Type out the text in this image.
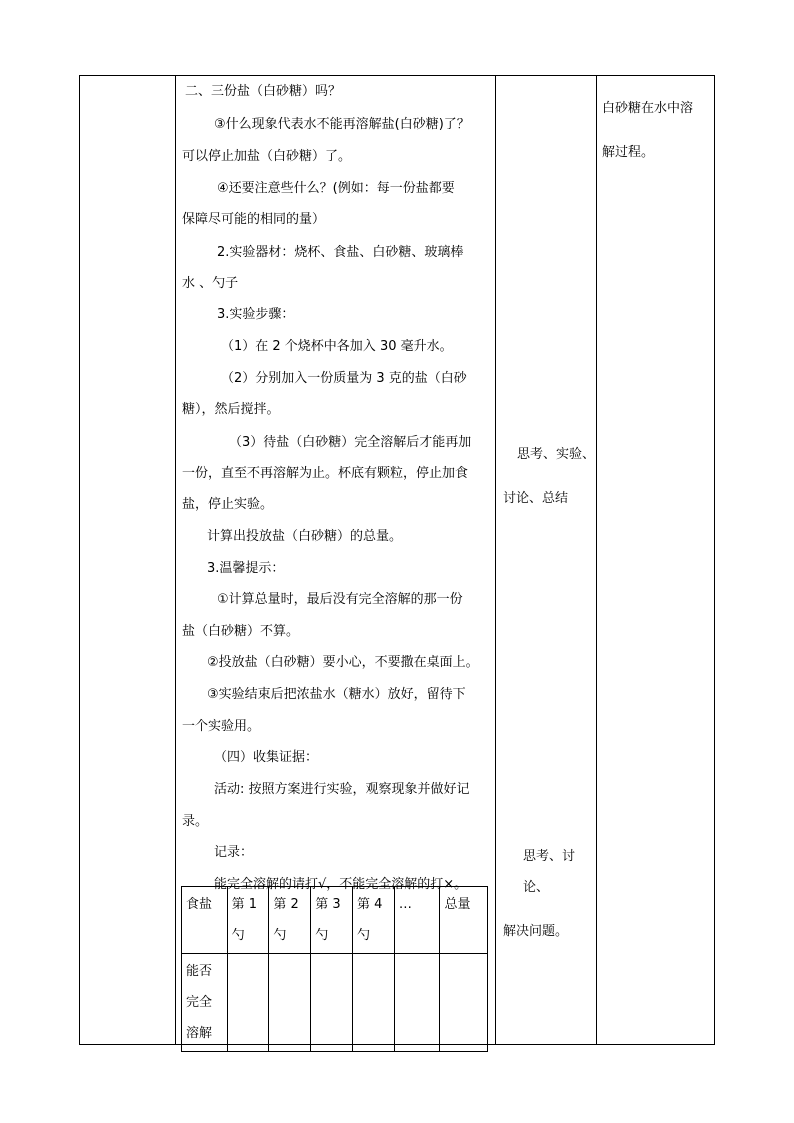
二、三份盐（白砂糖）吗？
③什么现象代表水不能再溶解盐(白砂糖)了？
可以停止加盐（白砂糖）了。
④还要注意些什么？(例如：每一份盐都要
保障尽可能的相同的量）
2.实验器材：烧杯、食盐、白砂糖、玻璃棒
水 、勺子
3.实验步骤：
（1）在 2 个烧杯中各加入 30 毫升水。
（2）分别加入一份质量为 3 克的盐（白砂
糖），然后搅拌。
（3）待盐（白砂糖）完全溶解后才能再加
一份，直至不再溶解为止。杯底有颗粒，停止加食
盐，停止实验。
计算出投放盐（白砂糖）的总量。
3.温馨提示：
①计算总量时，最后没有完全溶解的那一份
盐（白砂糖）不算。
②投放盐（白砂糖）要小心，不要撒在桌面上。
③实验结束后把浓盐水（糖水）放好，留待下
一个实验用。
（四）收集证据：
活动: 按照方案进行实验，观察现象并做好记
录。
记录：
能完全溶解的请打√，不能完全溶解的打×。

思考、实验、

讨论、总结

思考、讨论、

解决问题。

白砂糖在水中溶

解过程。

食盐	第 1 勺	第 2 勺	第 3 勺	第 4 勺	…	总量
能否完全溶解						
